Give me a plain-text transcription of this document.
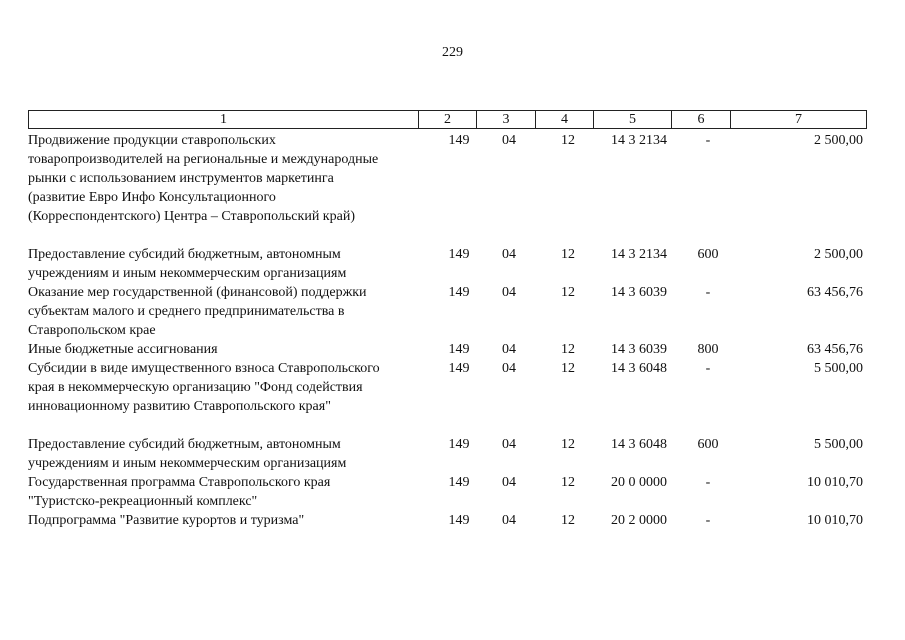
229
1	2	3	4	5	6	7
Продвижение продукции ставропольских
товаропроизводителей на региональные и международные
рынки с использованием инструментов маркетинга
(развитие Евро Инфо Консультационного
(Корреспондентского) Центра – Ставропольский край)
149	04	12	14 3 2134	-	2 500,00
Предоставление субсидий бюджетным, автономным
учреждениям и иным некоммерческим организациям
149	04	12	14 3 2134	600	2 500,00
Оказание мер государственной (финансовой) поддержки
субъектам малого и среднего предпринимательства в
Ставропольском крае
149	04	12	14 3 6039	-	63 456,76
Иные бюджетные ассигнования	149	04	12	14 3 6039	800	63 456,76
Субсидии в виде имущественного взноса Ставропольского
края в некоммерческую организацию "Фонд содействия
инновационному развитию Ставропольского края"
149	04	12	14 3 6048	-	5 500,00
Предоставление субсидий бюджетным, автономным
учреждениям и иным некоммерческим организациям
149	04	12	14 3 6048	600	5 500,00
Государственная программа Ставропольского края
"Туристско-рекреационный комплекс"
149	04	12	20 0 0000	-	10 010,70
Подпрограмма "Развитие курортов и туризма"	149	04	12	20 2 0000	-	10 010,70
